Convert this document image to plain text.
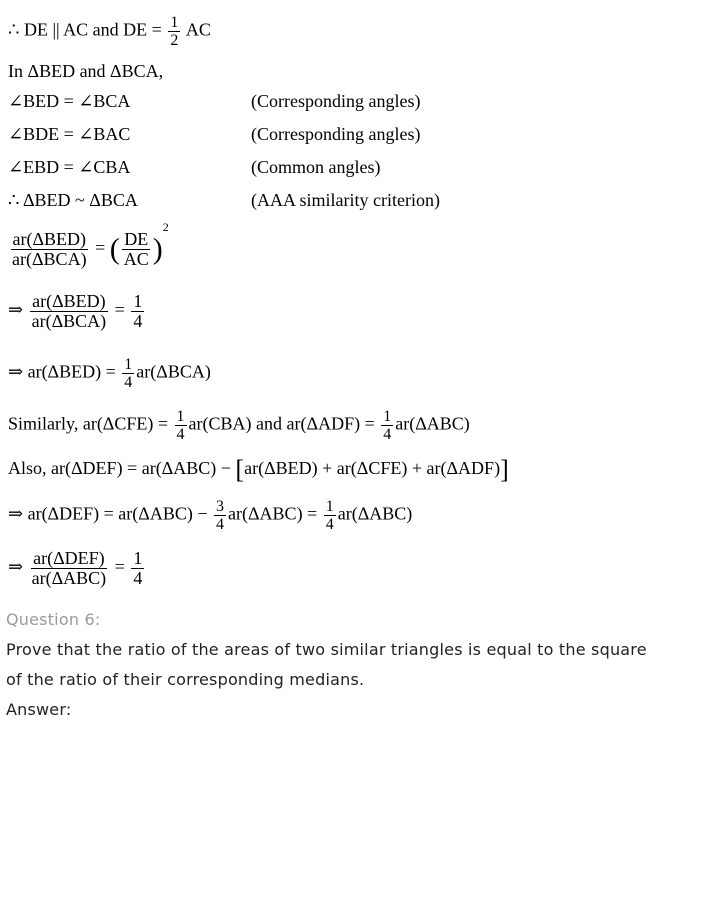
∴ DE || AC and DE = $\frac{1}{2}$ AC
In ΔBED and ΔBCA,
∠BED = ∠BCA	(Corresponding angles)
∠BDE = ∠BAC	(Corresponding angles)
∠EBD = ∠CBA	(Common angles)
∴ ΔBED ~ ΔBCA	(AAA similarity criterion)
$\frac{\text{ar(ΔBED)}}{\text{ar(ΔBCA)}}$ = ( $\frac{DE}{AC} )^2$
⇒ $\frac{\text{ar(ΔBED)}}{\text{ar(ΔBCA)}} = \frac{1}{4}$
⇒ $ar(\Delta BED) = \frac{1}{4} ar(\Delta BCA)$
Similarly, $ar(\Delta CFE) = \frac{1}{4} ar(CBA)$ and $ar(\Delta ADF) = \frac{1}{4} ar(\Delta ABC)$
Also, ar(ΔDEF) = ar(ΔABC) − [ar(ΔBED) + ar(ΔCFE) + ar(ΔADF)]
⇒ $ar(\Delta DEF) = ar(\Delta ABC) - \frac{3}{4} ar(\Delta ABC) = \frac{1}{4} ar(\Delta ABC)$
⇒ $\frac{\text{ar(ΔDEF)}}{\text{ar(ΔABC)}} = \frac{1}{4}$
Question 6:
Prove that the ratio of the areas of two similar triangles is equal to the square
of the ratio of their corresponding medians.
Answer:
